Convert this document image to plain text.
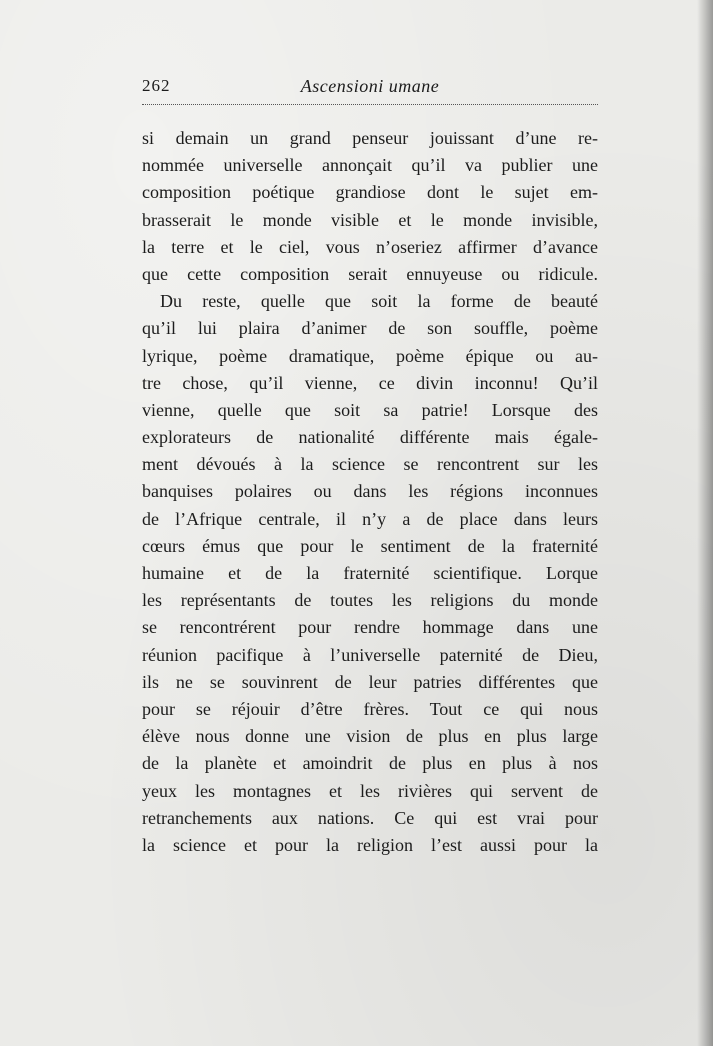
262	Ascensioni umane
si demain un grand penseur jouissant d’une re-
nommée universelle annonçait qu’il va publier une
composition poétique grandiose dont le sujet em-
brasserait le monde visible et le monde invisible,
la terre et le ciel, vous n’oseriez affirmer d’avance
que cette composition serait ennuyeuse ou ridicule.
Du reste, quelle que soit la forme de beauté
qu’il lui plaira d’animer de son souffle, poème
lyrique, poème dramatique, poème épique ou au-
tre chose, qu’il vienne, ce divin inconnu! Qu’il
vienne, quelle que soit sa patrie! Lorsque des
explorateurs de nationalité différente mais égale-
ment dévoués à la science se rencontrent sur les
banquises polaires ou dans les régions inconnues
de l’Afrique centrale, il n’y a de place dans leurs
cœurs émus que pour le sentiment de la fraternité
humaine et de la fraternité scientifique. Lorque
les représentants de toutes les religions du monde
se rencontrérent pour rendre hommage dans une
réunion pacifique à l’universelle paternité de Dieu,
ils ne se souvinrent de leur patries différentes que
pour se réjouir d’être frères. Tout ce qui nous
élève nous donne une vision de plus en plus large
de la planète et amoindrit de plus en plus à nos
yeux les montagnes et les rivières qui servent de
retranchements aux nations. Ce qui est vrai pour
la science et pour la religion l’est aussi pour la
